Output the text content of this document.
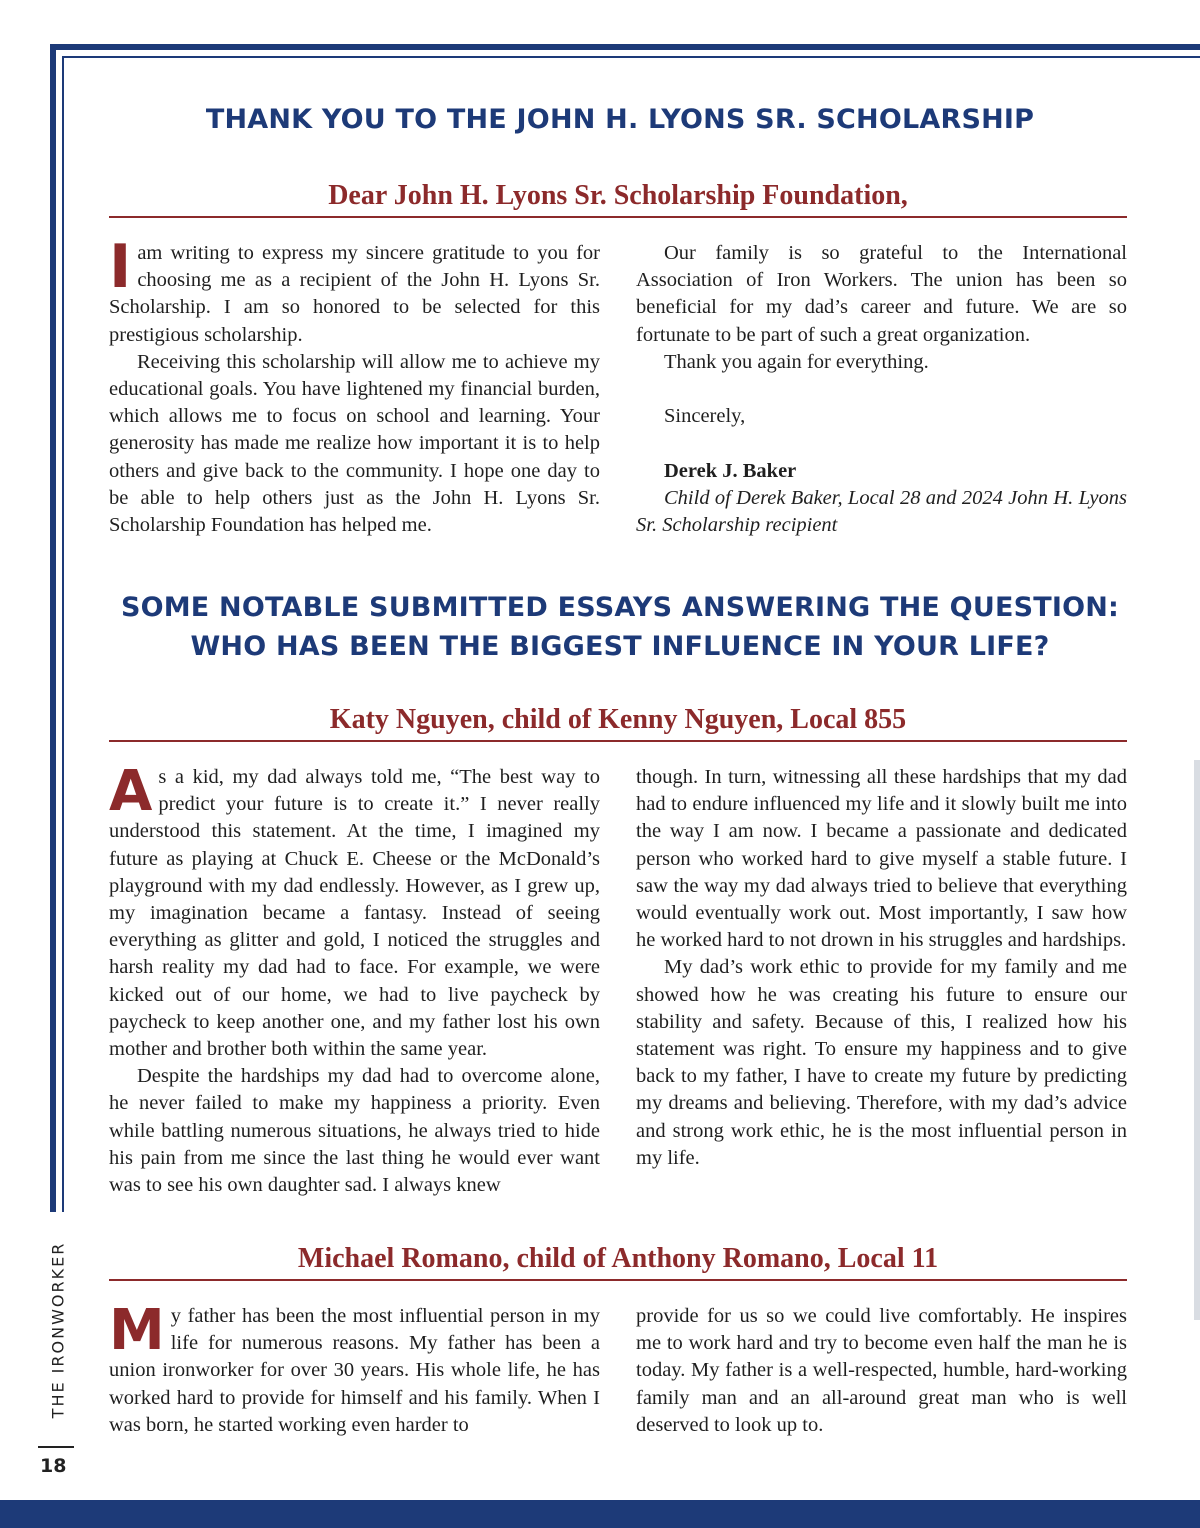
THE IRONWORKER
18
THANK YOU TO THE JOHN H. LYONS SR. SCHOLARSHIP
Dear John H. Lyons Sr. Scholarship Foundation,

Iam writing to express my sincere gratitude to you for choosing me as a recipient of the John H. Lyons Sr. Scholarship. I am so honored to be selected for this prestigious scholarship.

Receiving this scholarship will allow me to achieve my educational goals. You have lightened my financial burden, which allows me to focus on school and learning. Your generosity has made me realize how important it is to help others and give back to the community. I hope one day to be able to help others just as the John H. Lyons Sr. Scholarship Foundation has helped me.

Our family is so grateful to the International Association of Iron Workers. The union has been so beneficial for my dad’s career and future. We are so fortunate to be part of such a great organization.

Thank you again for everything.

Sincerely,

Derek J. Baker

Child of Derek Baker, Local 28 and 2024 John H. Lyons Sr. Scholarship recipient

SOME NOTABLE SUBMITTED ESSAYS ANSWERING THE QUESTION:
WHO HAS BEEN THE BIGGEST INFLUENCE IN YOUR LIFE?
Katy Nguyen, child of Kenny Nguyen, Local 855

As a kid, my dad always told me, “The best way to predict your future is to create it.” I never really understood this statement. At the time, I imagined my future as playing at Chuck E. Cheese or the McDonald’s playground with my dad endlessly. However, as I grew up, my imagination became a fantasy. Instead of seeing everything as glitter and gold, I noticed the struggles and harsh reality my dad had to face. For example, we were kicked out of our home, we had to live paycheck by paycheck to keep another one, and my father lost his own mother and brother both within the same year.

Despite the hardships my dad had to overcome alone, he never failed to make my happiness a priority. Even while battling numerous situations, he always tried to hide his pain from me since the last thing he would ever want was to see his own daughter sad. I always knew

though. In turn, witnessing all these hardships that my dad had to endure influenced my life and it slowly built me into the way I am now. I became a passionate and dedicated person who worked hard to give myself a stable future. I saw the way my dad always tried to believe that everything would eventually work out. Most importantly, I saw how he worked hard to not drown in his struggles and hardships.

My dad’s work ethic to provide for my family and me showed how he was creating his future to ensure our stability and safety. Because of this, I realized how his statement was right. To ensure my happiness and to give back to my father, I have to create my future by predicting my dreams and believing. Therefore, with my dad’s advice and strong work ethic, he is the most influential person in my life.

Michael Romano, child of Anthony Romano, Local 11

My father has been the most influential person in my life for numerous reasons. My father has been a union ironworker for over 30 years. His whole life, he has worked hard to provide for himself and his family. When I was born, he started working even harder to

provide for us so we could live comfortably. He inspires me to work hard and try to become even half the man he is today. My father is a well-respected, humble, hard-working family man and an all-around great man who is well deserved to look up to.
